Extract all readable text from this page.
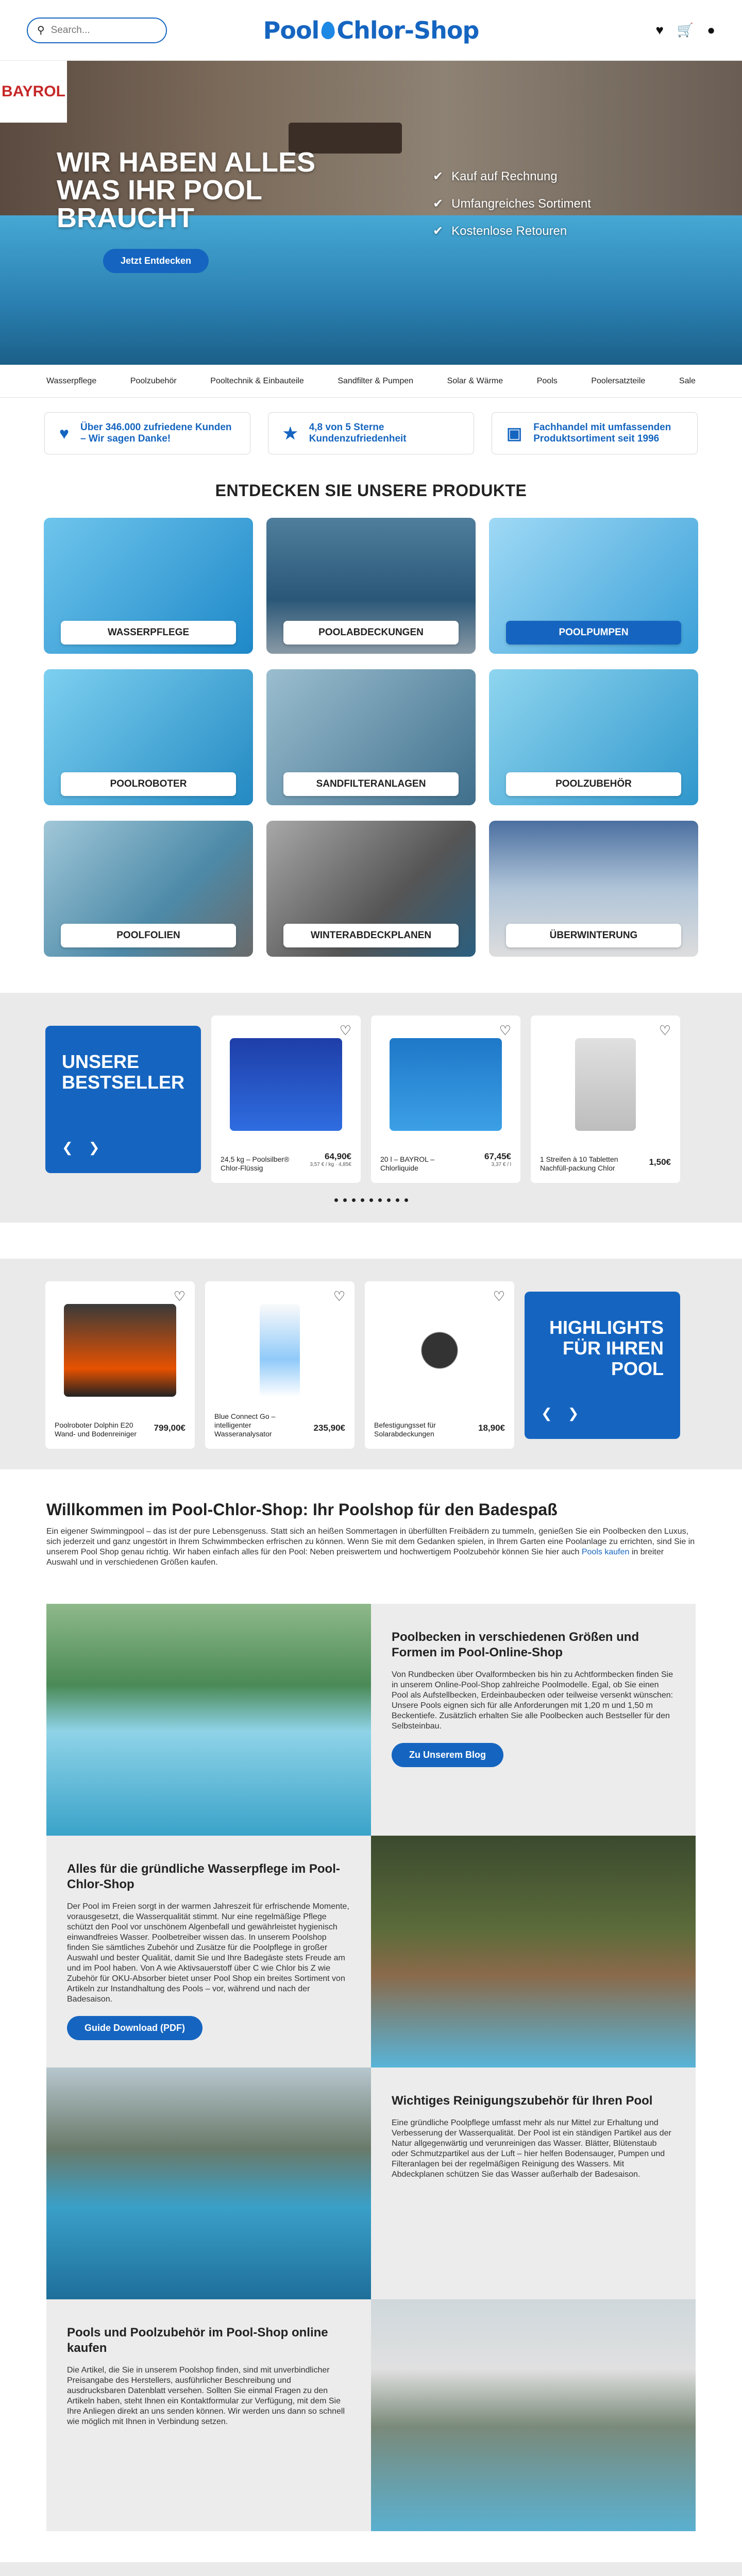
⚲
Search...	Pool Chlor-Shop	♥ 🛒 ●
BAYROL
WIR HABEN ALLES WAS IHR POOL BRAUCHT
Jetzt Entdecken
✔ Kauf auf Rechnung
✔ Umfangreiches Sortiment
✔ Kostenlose Retouren
Wasserpflege	Poolzubehör	Pooltechnik & Einbauteile	Sandfilter & Pumpen	Solar & Wärme	Pools	Poolersatzteile	Sale
♥ Über 346.000 zufriedene Kunden – Wir sagen Danke!	★ 4,8 von 5 Sterne Kundenzufriedenheit	▣ Fachhandel mit umfassenden Produktsortiment seit 1996
ENTDECKEN SIE UNSERE PRODUKTE
WASSERPFLEGE	POOLABDECKUNGEN	POOLPUMPEN
POOLROBOTER	SANDFILTERANLAGEN	POOLZUBEHÖR
POOLFOLIEN	WINTERABDECKPLANEN	ÜBERWINTERUNG
UNSERE BESTSELLER
❮ ❯
♡
24,5 kg – Poolsilber® Chlor-Flüssig
64,90€
3,57 € / kg · 4,85€
♡
20 l – BAYROL – Chlorliquide
67,45€
3,37 € / l
♡
1 Streifen à 10 Tabletten Nachfüll-packung Chlor
1,50€
♡
Poolroboter Dolphin E20 Wand- und Bodenreiniger
799,00€
♡
Blue Connect Go – intelligenter Wasseranalysator
235,90€
♡
Befestigungsset für Solarabdeckungen
18,90€
HIGHLIGHTS FÜR IHREN POOL
❮ ❯
Willkommen im Pool-Chlor-Shop: Ihr Poolshop für den Badespaß

Ein eigener Swimmingpool – das ist der pure Lebensgenuss. Statt sich an heißen Sommertagen in überfüllten Freibädern zu tummeln, genießen Sie ein Poolbecken den Luxus, sich jederzeit und ganz ungestört in Ihrem Schwimmbecken erfrischen zu können. Wenn Sie mit dem Gedanken spielen, in Ihrem Garten eine Poolanlage zu errichten, sind Sie in unserem Pool Shop genau richtig. Wir haben einfach alles für den Pool: Neben preiswertem und hochwertigem Poolzubehör können Sie hier auch Pools kaufen in breiter Auswahl und in verschiedenen Größen kaufen.

Poolbecken in verschiedenen Größen und Formen im Pool-Online-Shop

Von Rundbecken über Ovalformbecken bis hin zu Achtformbecken finden Sie in unserem Online-Pool-Shop zahlreiche Poolmodelle. Egal, ob Sie einen Pool als Aufstellbecken, Erdeinbaubecken oder teilweise versenkt wünschen: Unsere Pools eignen sich für alle Anforderungen mit 1,20 m und 1,50 m Beckentiefe. Zusätzlich erhalten Sie alle Poolbecken auch Bestseller für den Selbsteinbau.

Zu Unserem Blog
Alles für die gründliche Wasserpflege im Pool-Chlor-Shop

Der Pool im Freien sorgt in der warmen Jahreszeit für erfrischende Momente, vorausgesetzt, die Wasserqualität stimmt. Nur eine regelmäßige Pflege schützt den Pool vor unschönem Algenbefall und gewährleistet hygienisch einwandfreies Wasser. Poolbetreiber wissen das. In unserem Poolshop finden Sie sämtliches Zubehör und Zusätze für die Poolpflege in großer Auswahl und bester Qualität, damit Sie und Ihre Badegäste stets Freude am und im Pool haben. Von A wie Aktivsauerstoff über C wie Chlor bis Z wie Zubehör für OKU-Absorber bietet unser Pool Shop ein breites Sortiment von Artikeln zur Instandhaltung des Pools – vor, während und nach der Badesaison.

Guide Download (PDF)
Wichtiges Reinigungszubehör für Ihren Pool

Eine gründliche Poolpflege umfasst mehr als nur Mittel zur Erhaltung und Verbesserung der Wasserqualität. Der Pool ist ein ständigen Partikel aus der Natur allgegenwärtig und verunreinigen das Wasser. Blätter, Blütenstaub oder Schmutzpartikel aus der Luft – hier helfen Bodensauger, Pumpen und Filteranlagen bei der regelmäßigen Reinigung des Wassers. Mit Abdeckplanen schützen Sie das Wasser außerhalb der Badesaison.

Pools und Poolzubehör im Pool-Shop online kaufen

Die Artikel, die Sie in unserem Poolshop finden, sind mit unverbindlicher Preisangabe des Herstellers, ausführlicher Beschreibung und ausdrucksbaren Datenblatt versehen. Sollten Sie einmal Fragen zu den Artikeln haben, steht Ihnen ein Kontaktformular zur Verfügung, mit dem Sie Ihre Anliegen direkt an uns senden können. Wir werden uns dann so schnell wie möglich mit Ihnen in Verbindung setzen.
